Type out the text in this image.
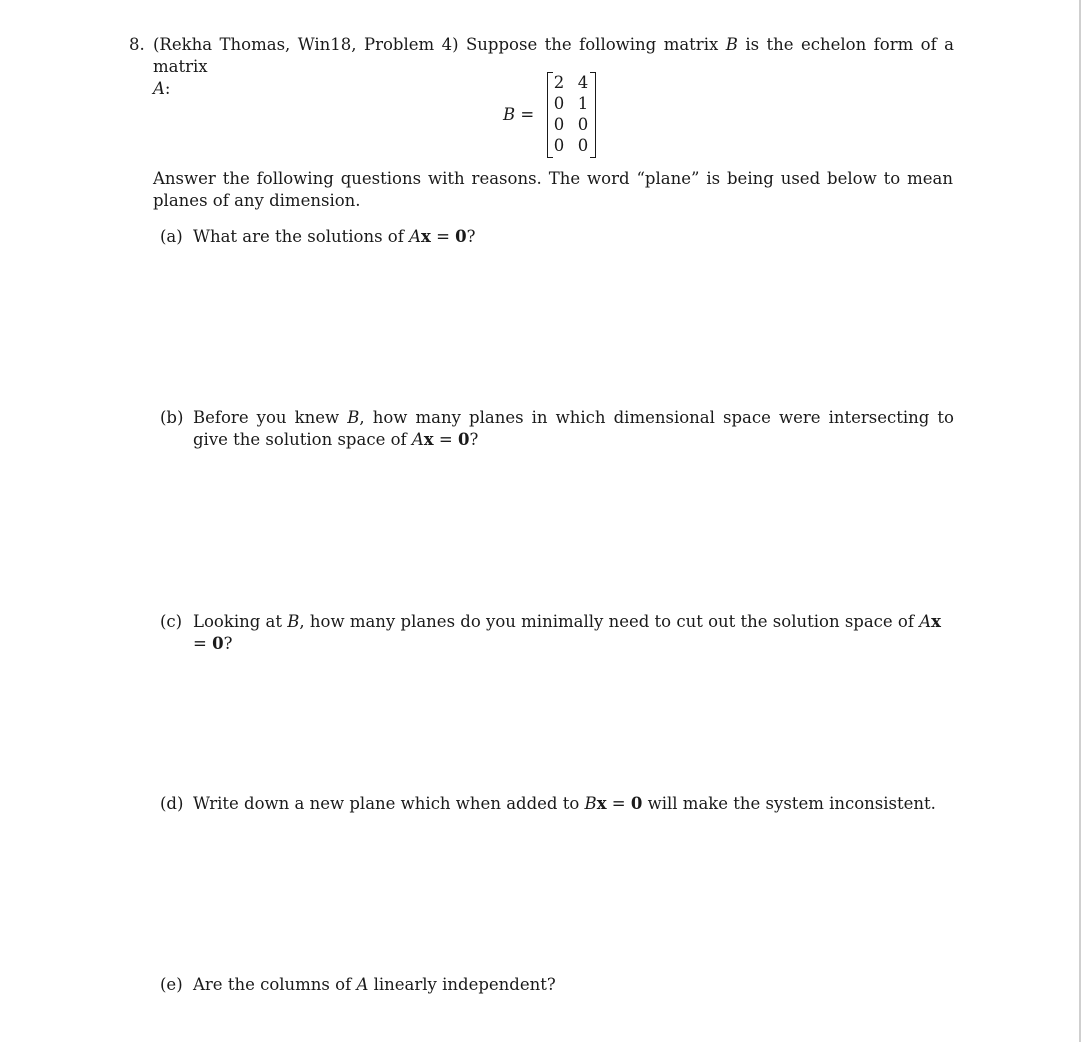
8. (Rekha Thomas, Win18, Problem 4) Suppose the following matrix B is the echelon form of a matrix
A:
B =
2 4
0 1
0 0
0 0
Answer the following questions with reasons. The word “plane” is being used below to mean planes of any dimension.
(a) What are the solutions of Ax = 0?
(b) Before you knew B, how many planes in which dimensional space were intersecting to give the solution space of Ax = 0?
(c) Looking at B, how many planes do you minimally need to cut out the solution space of Ax = 0?
(d) Write down a new plane which when added to Bx = 0 will make the system inconsistent.
(e) Are the columns of A linearly independent?
